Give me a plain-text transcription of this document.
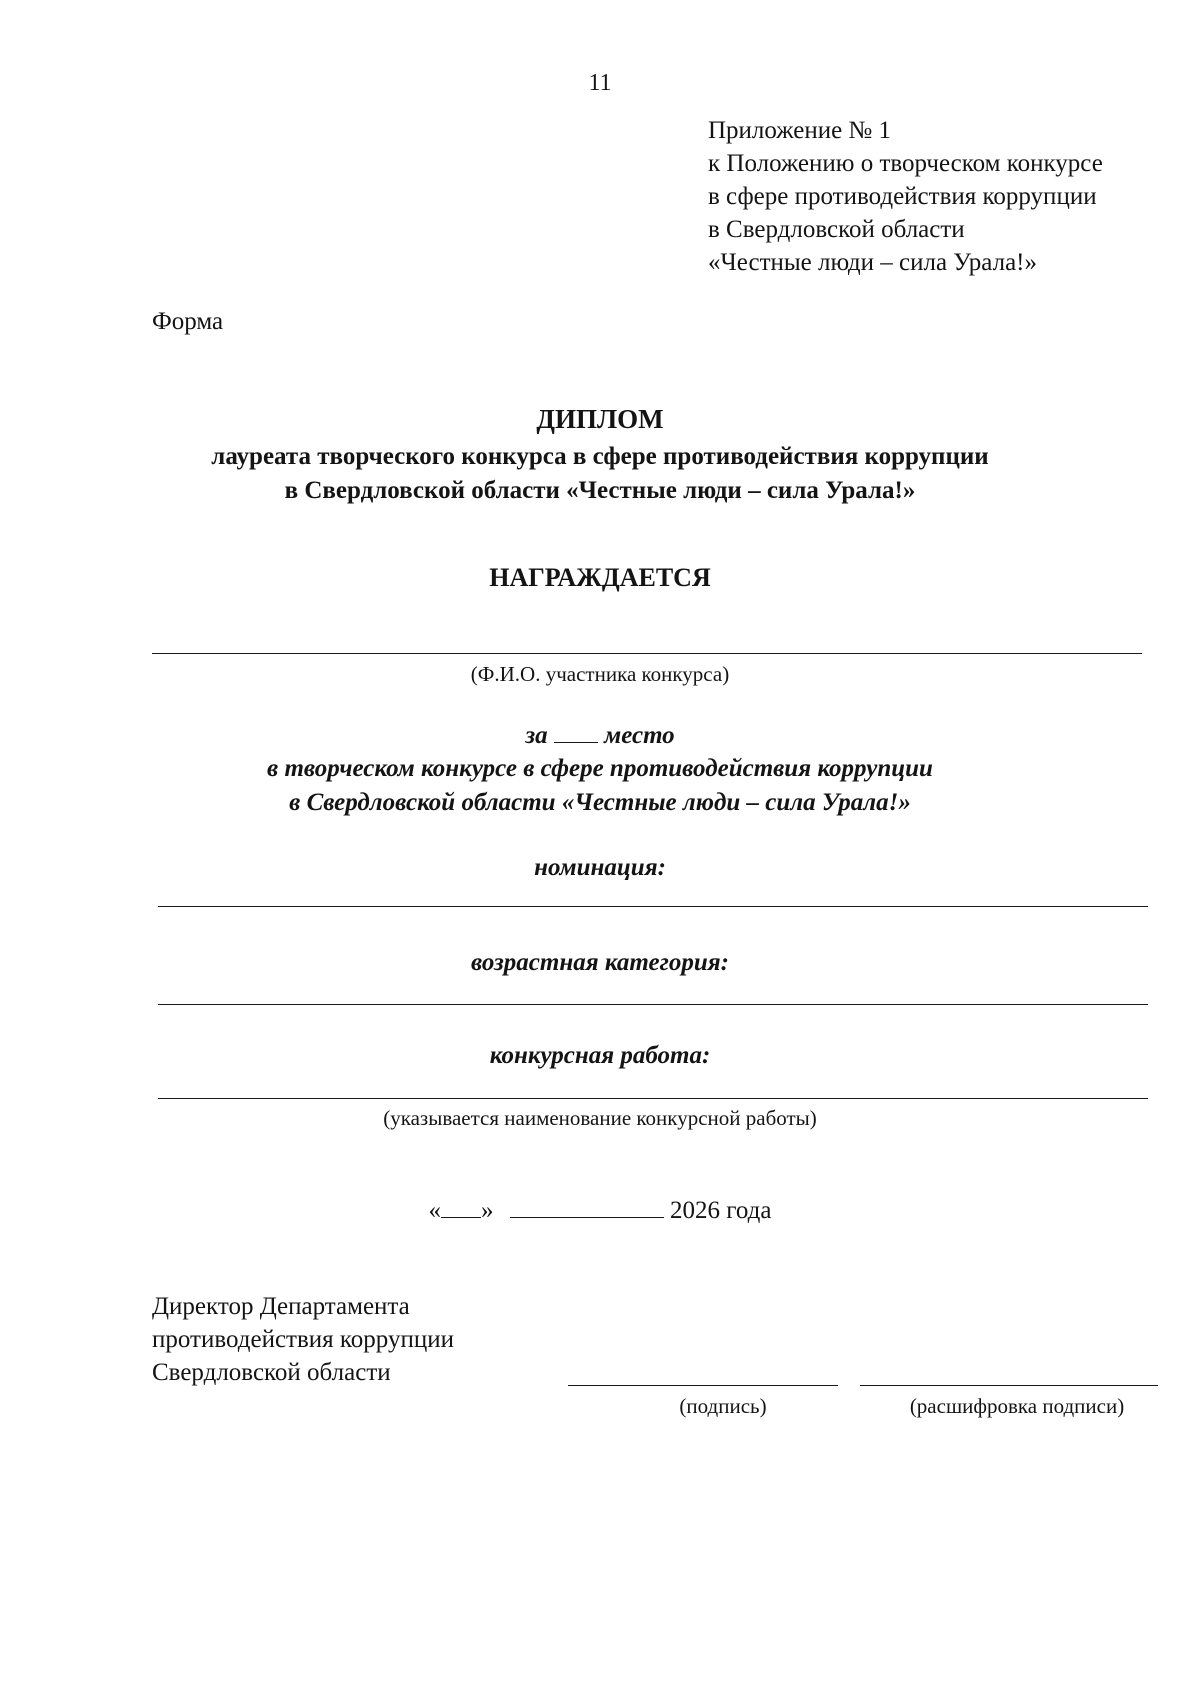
11
Приложение № 1
к Положению о творческом конкурсе
в сфере противодействия коррупции
в Свердловской области
«Честные люди – сила Урала!»
Форма
ДИПЛОМ
лауреата творческого конкурса в сфере противодействия коррупции
в Свердловской области «Честные люди – сила Урала!»
НАГРАЖДАЕТСЯ
(Ф.И.О. участника конкурса)
за место
в творческом конкурсе в сфере противодействия коррупции
в Свердловской области «Честные люди – сила Урала!»
номинация:
возрастная категория:
конкурсная работа:
(указывается наименование конкурсной работы)
« »	2026 года
Директор Департамента
противодействия коррупции
Свердловской области
(подпись)	(расшифровка подписи)
